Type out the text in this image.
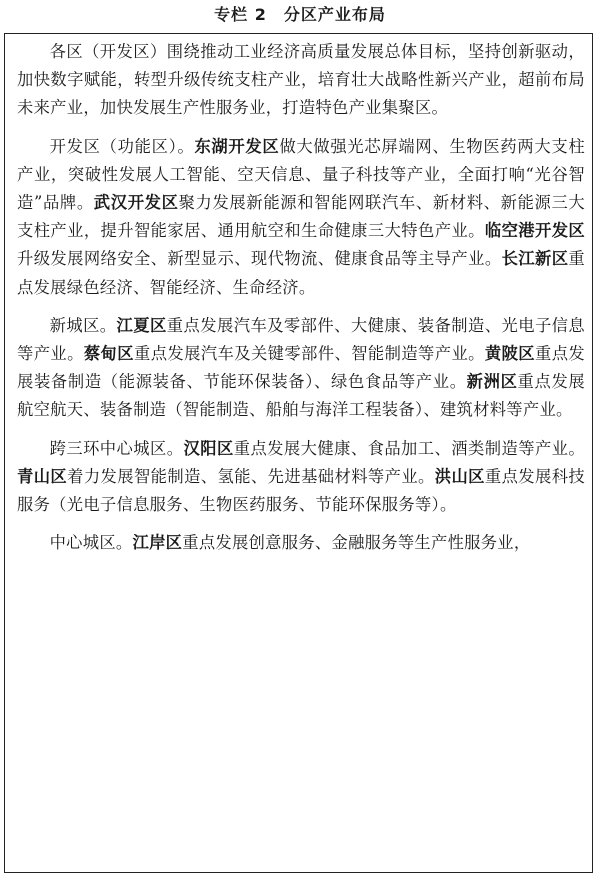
专栏 2　分区产业布局

各区（开发区）围绕推动工业经济高质量发展总体目标，坚持创新驱动，加快数字赋能，转型升级传统支柱产业，培育壮大战略性新兴产业，超前布局未来产业，加快发展生产性服务业，打造特色产业集聚区。

开发区（功能区）。东湖开发区做大做强光芯屏端网、生物医药两大支柱产业，突破性发展人工智能、空天信息、量子科技等产业，全面打响“光谷智造”品牌。武汉开发区聚力发展新能源和智能网联汽车、新材料、新能源三大支柱产业，提升智能家居、通用航空和生命健康三大特色产业。临空港开发区升级发展网络安全、新型显示、现代物流、健康食品等主导产业。长江新区重点发展绿色经济、智能经济、生命经济。

新城区。江夏区重点发展汽车及零部件、大健康、装备制造、光电子信息等产业。蔡甸区重点发展汽车及关键零部件、智能制造等产业。黄陂区重点发展装备制造（能源装备、节能环保装备）、绿色食品等产业。新洲区重点发展航空航天、装备制造（智能制造、船舶与海洋工程装备）、建筑材料等产业。

跨三环中心城区。汉阳区重点发展大健康、食品加工、酒类制造等产业。青山区着力发展智能制造、氢能、先进基础材料等产业。洪山区重点发展科技服务（光电子信息服务、生物医药服务、节能环保服务等）。

中心城区。江岸区重点发展创意服务、金融服务等生产性服务业，
